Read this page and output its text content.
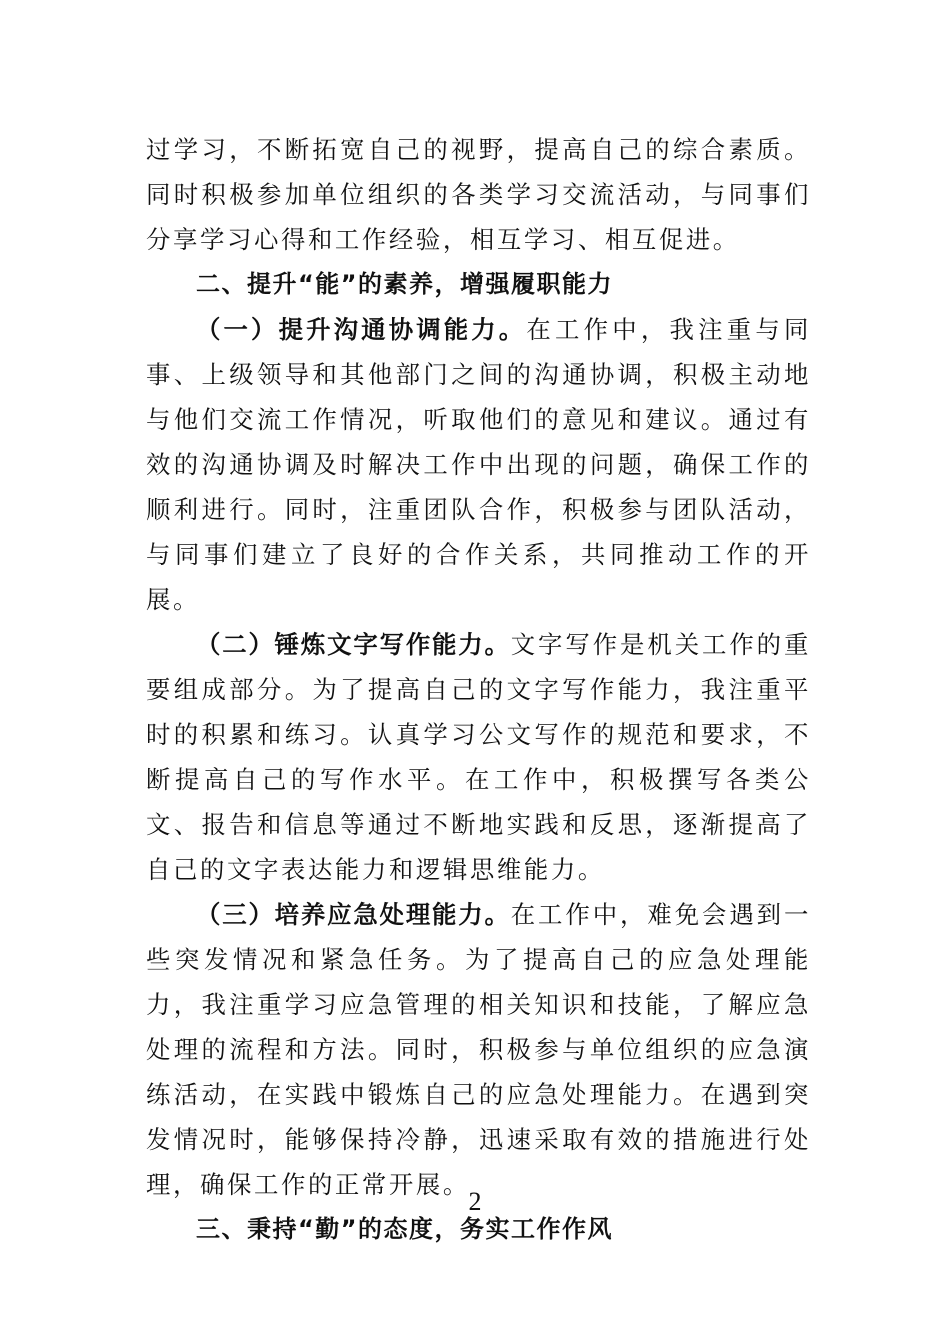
过学习，不断拓宽自己的视野，提高自己的综合素质。同时积极参加单位组织的各类学习交流活动，与同事们分享学习心得和工作经验，相互学习、相互促进。

二、提升“能”的素养，增强履职能力

（一）提升沟通协调能力。在工作中，我注重与同事、上级领导和其他部门之间的沟通协调，积极主动地与他们交流工作情况，听取他们的意见和建议。通过有效的沟通协调及时解决工作中出现的问题，确保工作的顺利进行。同时，注重团队合作，积极参与团队活动，与同事们建立了良好的合作关系，共同推动工作的开展。

（二）锤炼文字写作能力。文字写作是机关工作的重要组成部分。为了提高自己的文字写作能力，我注重平时的积累和练习。认真学习公文写作的规范和要求，不断提高自己的写作水平。在工作中，积极撰写各类公文、报告和信息等通过不断地实践和反思，逐渐提高了自己的文字表达能力和逻辑思维能力。

（三）培养应急处理能力。在工作中，难免会遇到一些突发情况和紧急任务。为了提高自己的应急处理能力，我注重学习应急管理的相关知识和技能，了解应急处理的流程和方法。同时，积极参与单位组织的应急演练活动，在实践中锻炼自己的应急处理能力。在遇到突发情况时，能够保持冷静，迅速采取有效的措施进行处理，确保工作的正常开展。

三、秉持“勤”的态度，务实工作作风

2
